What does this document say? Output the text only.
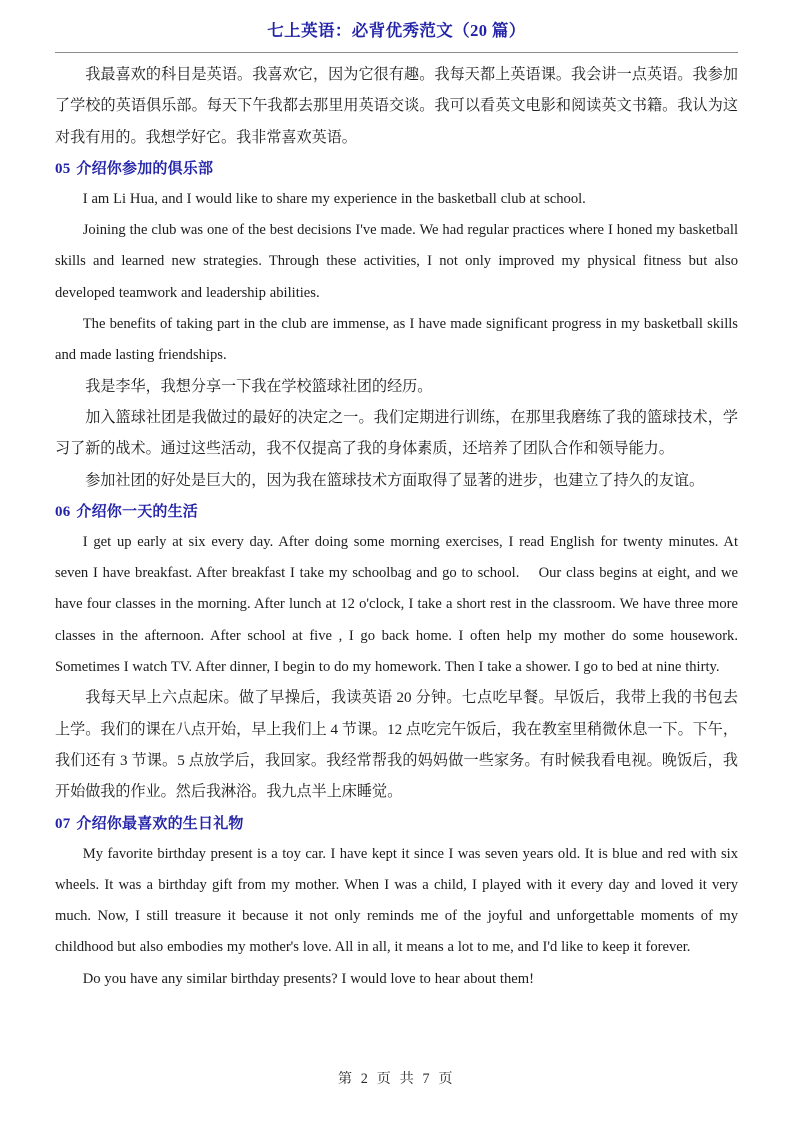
七上英语：必背优秀范文（20 篇）

我最喜欢的科目是英语。我喜欢它，因为它很有趣。我每天都上英语课。我会讲一点英语。我参加了学校的英语俱乐部。每天下午我都去那里用英语交谈。我可以看英文电影和阅读英文书籍。我认为这对我有用的。我想学好它。我非常喜欢英语。

05 介绍你参加的俱乐部

I am Li Hua, and I would like to share my experience in the basketball club at school.

Joining the club was one of the best decisions I've made. We had regular practices where I honed my basketball skills and learned new strategies. Through these activities, I not only improved my physical fitness but also developed teamwork and leadership abilities.

The benefits of taking part in the club are immense, as I have made significant progress in my basketball skills and made lasting friendships.

我是李华，我想分享一下我在学校篮球社团的经历。

加入篮球社团是我做过的最好的决定之一。我们定期进行训练，在那里我磨练了我的篮球技术，学习了新的战术。通过这些活动，我不仅提高了我的身体素质，还培养了团队合作和领导能力。

参加社团的好处是巨大的，因为我在篮球技术方面取得了显著的进步，也建立了持久的友谊。

06 介绍你一天的生活

I get up early at six every day. After doing some morning exercises, I read English for twenty minutes. At seven I have breakfast. After breakfast I take my schoolbag and go to school.    Our class begins at eight, and we have four classes in the morning. After lunch at 12 o'clock, I take a short rest in the classroom. We have three more classes in the afternoon. After school at five , I go back home. I often help my mother do some housework. Sometimes I watch TV. After dinner, I begin to do my homework. Then I take a shower. I go to bed at nine thirty.

我每天早上六点起床。做了早操后，我读英语 20 分钟。七点吃早餐。早饭后，我带上我的书包去上学。我们的课在八点开始，早上我们上 4 节课。12 点吃完午饭后，我在教室里稍微休息一下。下午，我们还有 3 节课。5 点放学后，我回家。我经常帮我的妈妈做一些家务。有时候我看电视。晚饭后，我开始做我的作业。然后我淋浴。我九点半上床睡觉。

07 介绍你最喜欢的生日礼物

My favorite birthday present is a toy car. I have kept it since I was seven years old. It is blue and red with six wheels. It was a birthday gift from my mother. When I was a child, I played with it every day and loved it very much. Now, I still treasure it because it not only reminds me of the joyful and unforgettable moments of my childhood but also embodies my mother's love. All in all, it means a lot to me, and I'd like to keep it forever.

Do you have any similar birthday presents? I would love to hear about them!

第 2 页 共 7 页
